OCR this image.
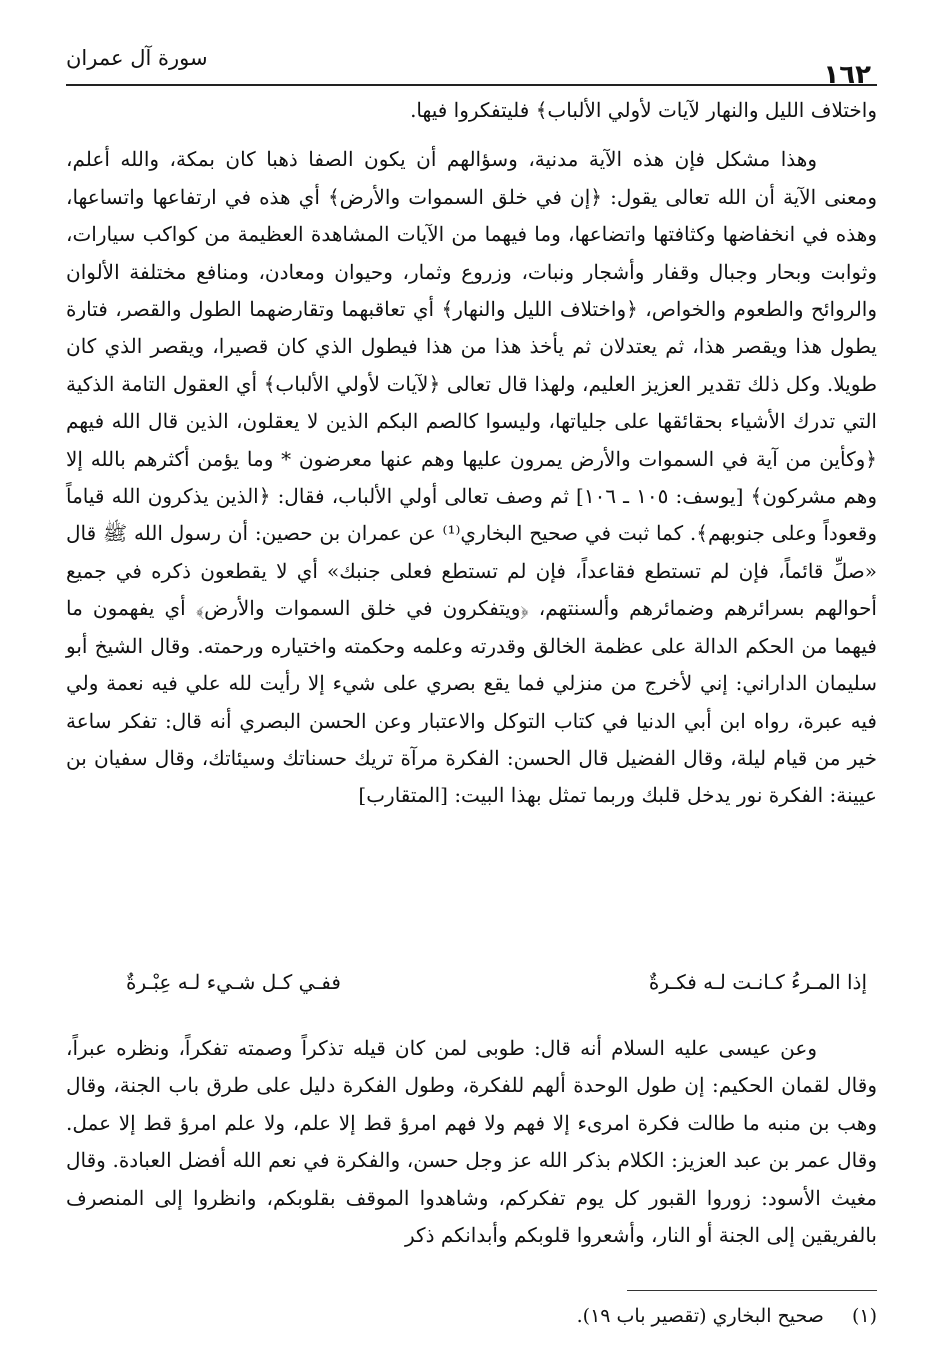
سورة آل عمران
١٦٢

واختلاف الليل والنهار لآيات لأولي الألباب﴾ فليتفكروا فيها.

وهذا مشكل فإن هذه الآية مدنية، وسؤالهم أن يكون الصفا ذهبا كان بمكة، والله أعلم، ومعنى الآية أن الله تعالى يقول: ﴿إن في خلق السموات والأرض﴾ أي هذه في ارتفاعها واتساعها، وهذه في انخفاضها وكثافتها واتضاعها، وما فيهما من الآيات المشاهدة العظيمة من كواكب سيارات، وثوابت وبحار وجبال وقفار وأشجار ونبات، وزروع وثمار، وحيوان ومعادن، ومنافع مختلفة الألوان والروائح والطعوم والخواص، ﴿واختلاف الليل والنهار﴾ أي تعاقبهما وتقارضهما الطول والقصر، فتارة يطول هذا ويقصر هذا، ثم يعتدلان ثم يأخذ هذا من هذا فيطول الذي كان قصيرا، ويقصر الذي كان طويلا. وكل ذلك تقدير العزيز العليم، ولهذا قال تعالى ﴿لآيات لأولي الألباب﴾ أي العقول التامة الذكية التي تدرك الأشياء بحقائقها على جلياتها، وليسوا كالصم البكم الذين لا يعقلون، الذين قال الله فيهم ﴿وكأين من آية في السموات والأرض يمرون عليها وهم عنها معرضون * وما يؤمن أكثرهم بالله إلا وهم مشركون﴾ [يوسف: ١٠٥ ـ ١٠٦] ثم وصف تعالى أولي الألباب، فقال: ﴿الذين يذكرون الله قياماً وقعوداً وعلى جنوبهم﴾. كما ثبت في صحيح البخاري⁽¹⁾ عن عمران بن حصين: أن رسول الله ﷺ قال «صلِّ قائماً، فإن لم تستطع فقاعداً، فإن لم تستطع فعلى جنبك» أي لا يقطعون ذكره في جميع أحوالهم بسرائرهم وضمائرهم وألسنتهم، ﴿ويتفكرون في خلق السموات والأرض﴾ أي يفهمون ما فيهما من الحكم الدالة على عظمة الخالق وقدرته وعلمه وحكمته واختياره ورحمته. وقال الشيخ أبو سليمان الداراني: إني لأخرج من منزلي فما يقع بصري على شيء إلا رأيت لله علي فيه نعمة ولي فيه عبرة، رواه ابن أبي الدنيا في كتاب التوكل والاعتبار وعن الحسن البصري أنه قال: تفكر ساعة خير من قيام ليلة، وقال الفضيل قال الحسن: الفكرة مرآة تريك حسناتك وسيئاتك، وقال سفيان بن عيينة: الفكرة نور يدخل قلبك وربما تمثل بهذا البيت: [المتقارب]

إذا المـرءُ كـانـت لـه فكـرةٌ
ففـي كـل شـيء لـه عِبْـرةٌ

وعن عيسى عليه السلام أنه قال: طوبى لمن كان قيله تذكراً وصمته تفكراً، ونظره عبراً، وقال لقمان الحكيم: إن طول الوحدة ألهم للفكرة، وطول الفكرة دليل على طرق باب الجنة، وقال وهب بن منبه ما طالت فكرة امرىء إلا فهم ولا فهم امرؤ قط إلا علم، ولا علم امرؤ قط إلا عمل. وقال عمر بن عبد العزيز: الكلام بذكر الله عز وجل حسن، والفكرة في نعم الله أفضل العبادة. وقال مغيث الأسود: زوروا القبور كل يوم تفكركم، وشاهدوا الموقف بقلوبكم، وانظروا إلى المنصرف بالفريقين إلى الجنة أو النار، وأشعروا قلوبكم وأبدانكم ذكر

(١)صحيح البخاري (تقصير باب ١٩).
